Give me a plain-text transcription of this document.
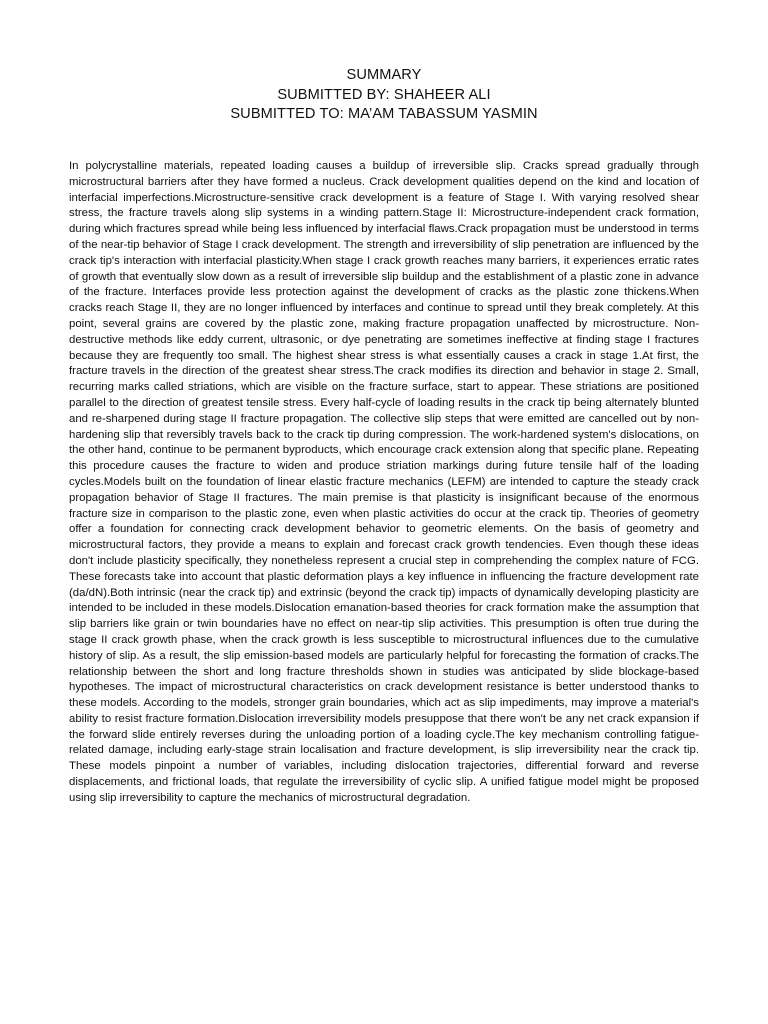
SUMMARY
SUBMITTED BY: SHAHEER ALI
SUBMITTED TO: MA’AM TABASSUM YASMIN

In polycrystalline materials, repeated loading causes a buildup of irreversible slip. Cracks spread gradually through microstructural barriers after they have formed a nucleus. Crack development qualities depend on the kind and location of interfacial imperfections.Microstructure-sensitive crack development is a feature of Stage I. With varying resolved shear stress, the fracture travels along slip systems in a winding pattern.Stage II: Microstructure-independent crack formation, during which fractures spread while being less influenced by interfacial flaws.Crack propagation must be understood in terms of the near-tip behavior of Stage I crack development. The strength and irreversibility of slip penetration are influenced by the crack tip's interaction with interfacial plasticity.When stage I crack growth reaches many barriers, it experiences erratic rates of growth that eventually slow down as a result of irreversible slip buildup and the establishment of a plastic zone in advance of the fracture. Interfaces provide less protection against the development of cracks as the plastic zone thickens.When cracks reach Stage II, they are no longer influenced by interfaces and continue to spread until they break completely. At this point, several grains are covered by the plastic zone, making fracture propagation unaffected by microstructure. Non-destructive methods like eddy current, ultrasonic, or dye penetrating are sometimes ineffective at finding stage I fractures because they are frequently too small. The highest shear stress is what essentially causes a crack in stage 1.At first, the fracture travels in the direction of the greatest shear stress.The crack modifies its direction and behavior in stage 2. Small, recurring marks called striations, which are visible on the fracture surface, start to appear. These striations are positioned parallel to the direction of greatest tensile stress. Every half-cycle of loading results in the crack tip being alternately blunted and re-sharpened during stage II fracture propagation. The collective slip steps that were emitted are cancelled out by non-hardening slip that reversibly travels back to the crack tip during compression. The work-hardened system's dislocations, on the other hand, continue to be permanent byproducts, which encourage crack extension along that specific plane. Repeating this procedure causes the fracture to widen and produce striation markings during future tensile half of the loading cycles.Models built on the foundation of linear elastic fracture mechanics (LEFM) are intended to capture the steady crack propagation behavior of Stage II fractures. The main premise is that plasticity is insignificant because of the enormous fracture size in comparison to the plastic zone, even when plastic activities do occur at the crack tip. Theories of geometry offer a foundation for connecting crack development behavior to geometric elements. On the basis of geometry and microstructural factors, they provide a means to explain and forecast crack growth tendencies. Even though these ideas don't include plasticity specifically, they nonetheless represent a crucial step in comprehending the complex nature of FCG. These forecasts take into account that plastic deformation plays a key influence in influencing the fracture development rate (da/dN).Both intrinsic (near the crack tip) and extrinsic (beyond the crack tip) impacts of dynamically developing plasticity are intended to be included in these models.Dislocation emanation-based theories for crack formation make the assumption that slip barriers like grain or twin boundaries have no effect on near-tip slip activities. This presumption is often true during the stage II crack growth phase, when the crack growth is less susceptible to microstructural influences due to the cumulative history of slip. As a result, the slip emission-based models are particularly helpful for forecasting the formation of cracks.The relationship between the short and long fracture thresholds shown in studies was anticipated by slide blockage-based hypotheses. The impact of microstructural characteristics on crack development resistance is better understood thanks to these models. According to the models, stronger grain boundaries, which act as slip impediments, may improve a material's ability to resist fracture formation.Dislocation irreversibility models presuppose that there won't be any net crack expansion if the forward slide entirely reverses during the unloading portion of a loading cycle.The key mechanism controlling fatigue-related damage, including early-stage strain localisation and fracture development, is slip irreversibility near the crack tip. These models pinpoint a number of variables, including dislocation trajectories, differential forward and reverse displacements, and frictional loads, that regulate the irreversibility of cyclic slip. A unified fatigue model might be proposed using slip irreversibility to capture the mechanics of microstructural degradation.
